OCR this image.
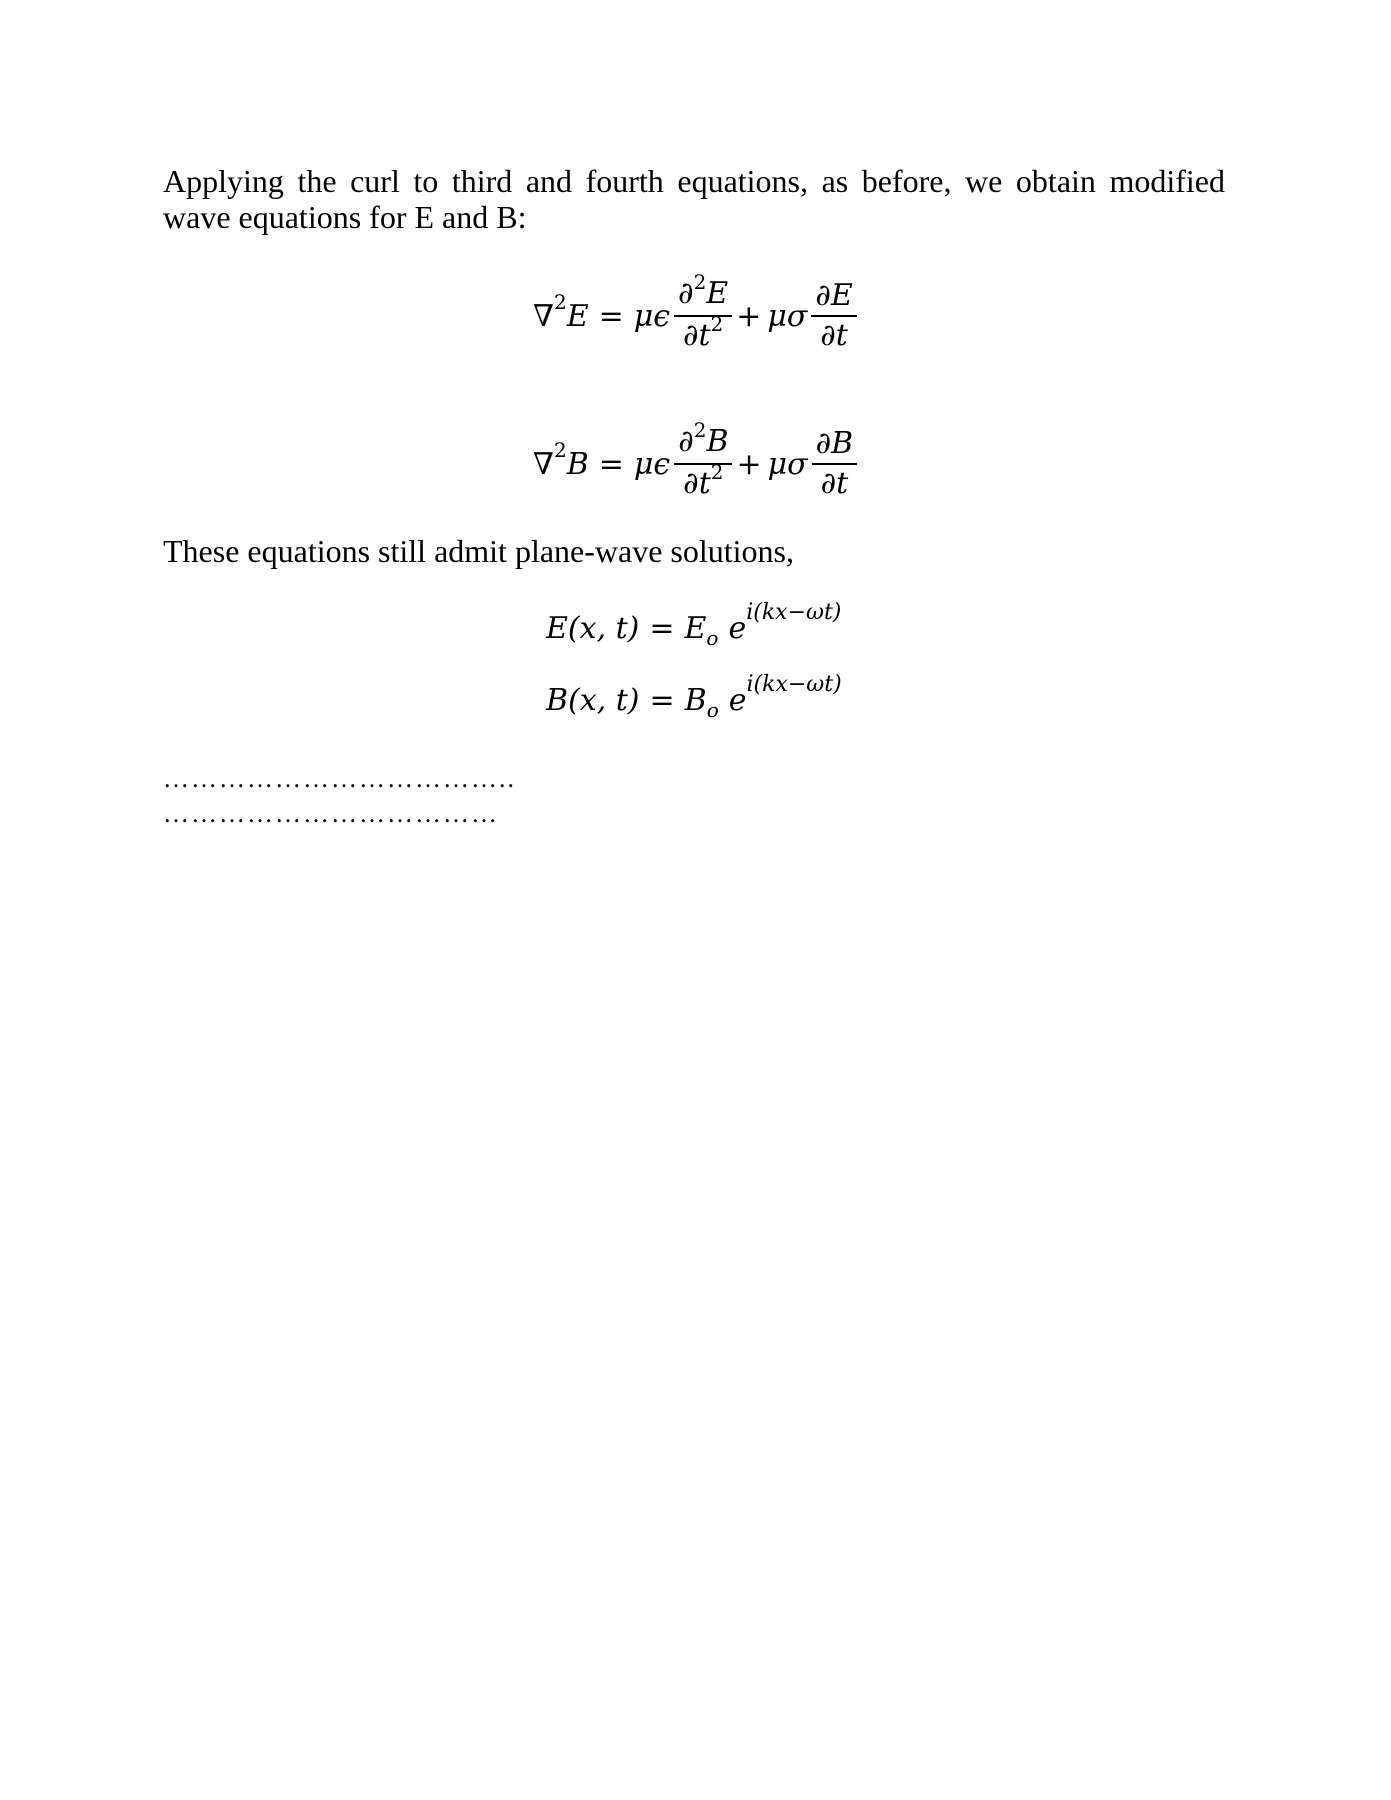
Applying the curl to third and fourth equations, as before, we obtain modified wave equations for E and B:

∇ 2 E = μϵ $\frac{\partial^2E}{\partial t^2} + \mu\sigma \frac{\partial E}{\partial t}$
∇ 2 B = μϵ $\frac{\partial^2B}{\partial t^2} + \mu\sigma \frac{\partial B}{\partial t}$

These equations still admit plane-wave solutions,

E(x, t) = E o e i(kx−ωt)
B(x, t) = B o e i(kx−ωt)
………………………………..
………………………………
